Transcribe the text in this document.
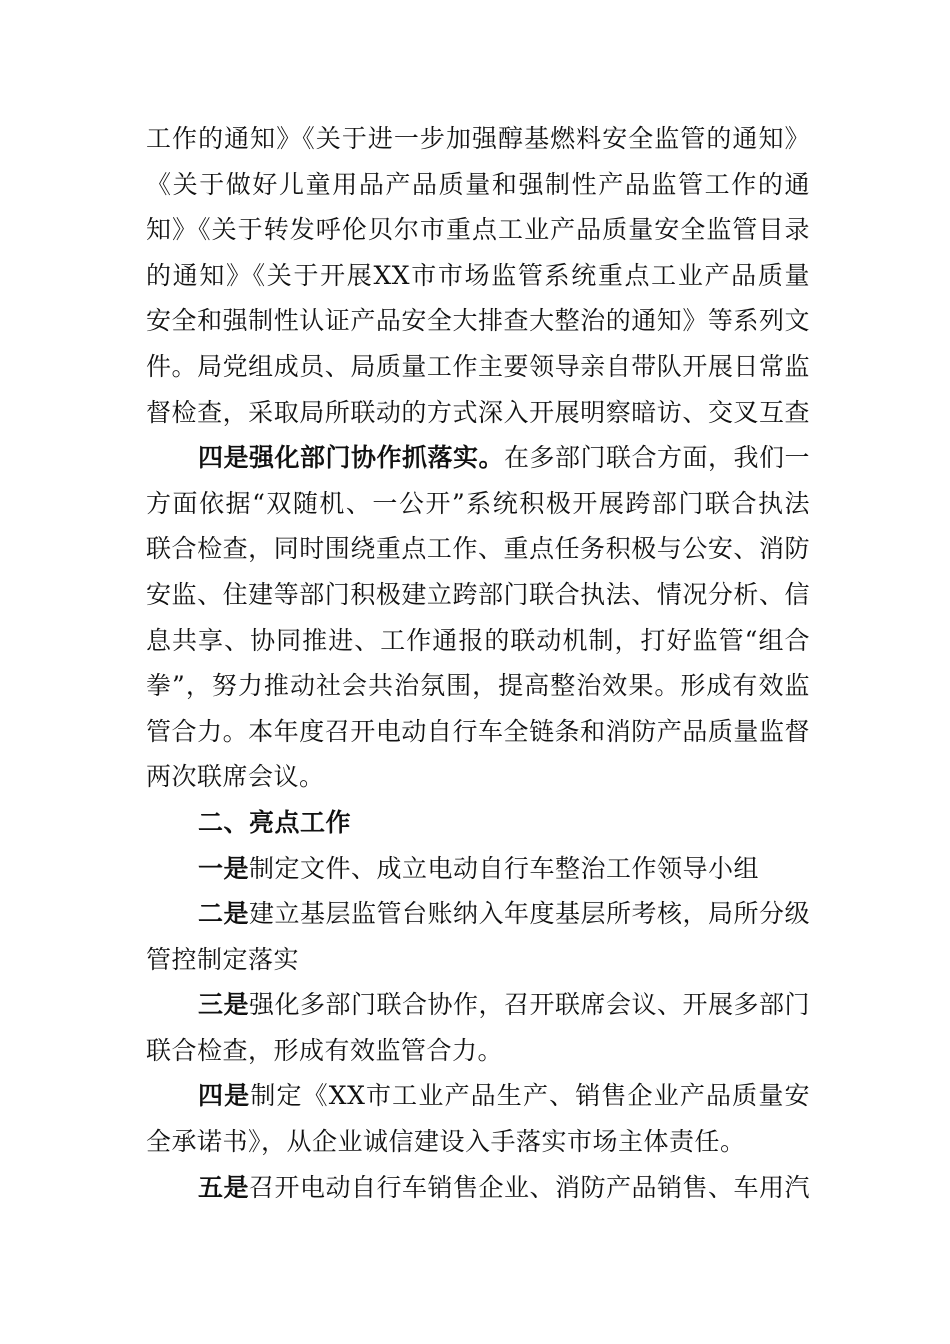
工作的通知》《关于进一步加强醇基燃料安全监管的通知》
《关于做好儿童用品产品质量和强制性产品监管工作的通
知》《关于转发呼伦贝尔市重点工业产品质量安全监管目录
的通知》《关于开展XX市市场监管系统重点工业产品质量
安全和强制性认证产品安全大排查大整治的通知》等系列文
件。局党组成员、局质量工作主要领导亲自带队开展日常监
督检查，采取局所联动的方式深入开展明察暗访、交叉互查
四是强化部门协作抓落实。在多部门联合方面，我们一
方面依据“双随机、一公开”系统积极开展跨部门联合执法
联合检查，同时围绕重点工作、重点任务积极与公安、消防
安监、住建等部门积极建立跨部门联合执法、情况分析、信
息共享、协同推进、工作通报的联动机制，打好监管“组合
拳”，努力推动社会共治氛围，提高整治效果。形成有效监
管合力。本年度召开电动自行车全链条和消防产品质量监督
两次联席会议。
二、亮点工作
一是制定文件、成立电动自行车整治工作领导小组
二是建立基层监管台账纳入年度基层所考核，局所分级
管控制定落实
三是强化多部门联合协作，召开联席会议、开展多部门
联合检查，形成有效监管合力。
四是制定《XX市工业产品生产、销售企业产品质量安
全承诺书》，从企业诚信建设入手落实市场主体责任。
五是召开电动自行车销售企业、消防产品销售、车用汽
